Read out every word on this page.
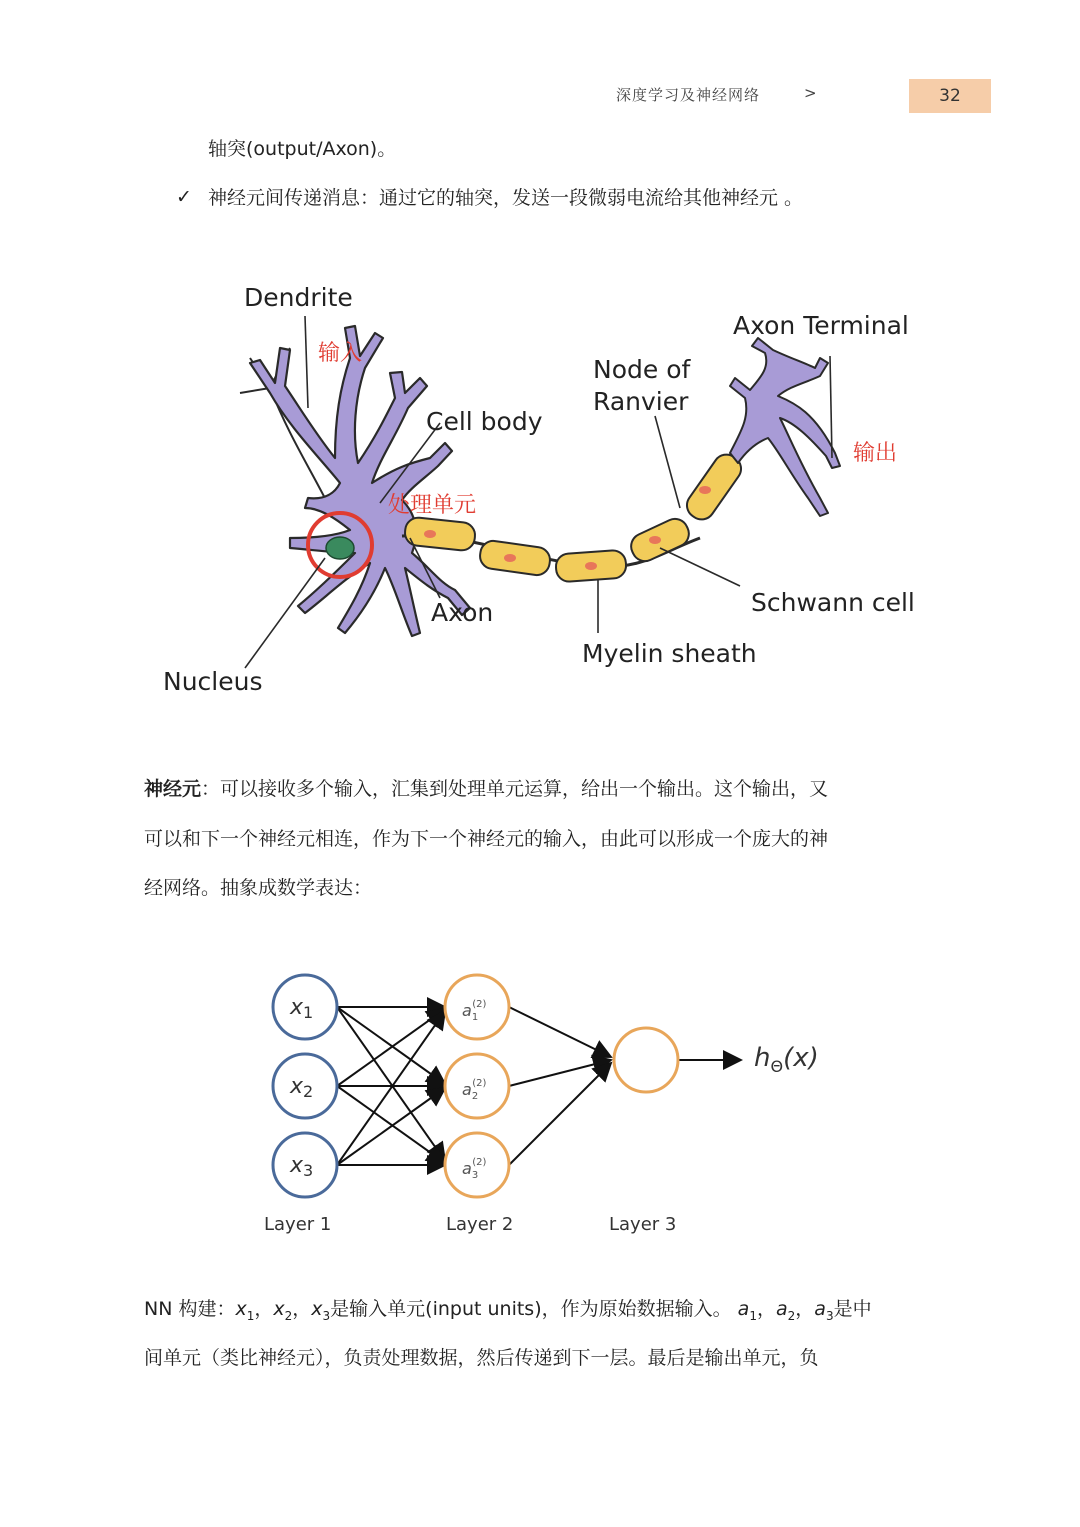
深度学习及神经网络	>	32
轴突(output/Axon)。
✓ 神经元间传递消息：通过它的轴突，发送一段微弱电流给其他神经元 。
Dendrite
输入
Cell body
处理单元
Node of
Ranvier
Axon Terminal
输出
Schwann cell
Axon
Myelin sheath
Nucleus
神经元：可以接收多个输入，汇集到处理单元运算，给出一个输出。这个输出，又
可以和下一个神经元相连，作为下一个神经元的输入，由此可以形成一个庞大的神
经网络。抽象成数学表达：
x1
x2
x3
$a_1(2)$
$a_2(2)$
$a_3(2)$
$h_\Theta(x)$
Layer 1	Layer 2	Layer 3
NN 构建：$x_1$，$x_2$，$x_3$是输入单元(input units)，作为原始数据输入。 $a_1$，$a_2$，$a_3$是中
间单元（类比神经元），负责处理数据，然后传递到下一层。最后是输出单元，负
